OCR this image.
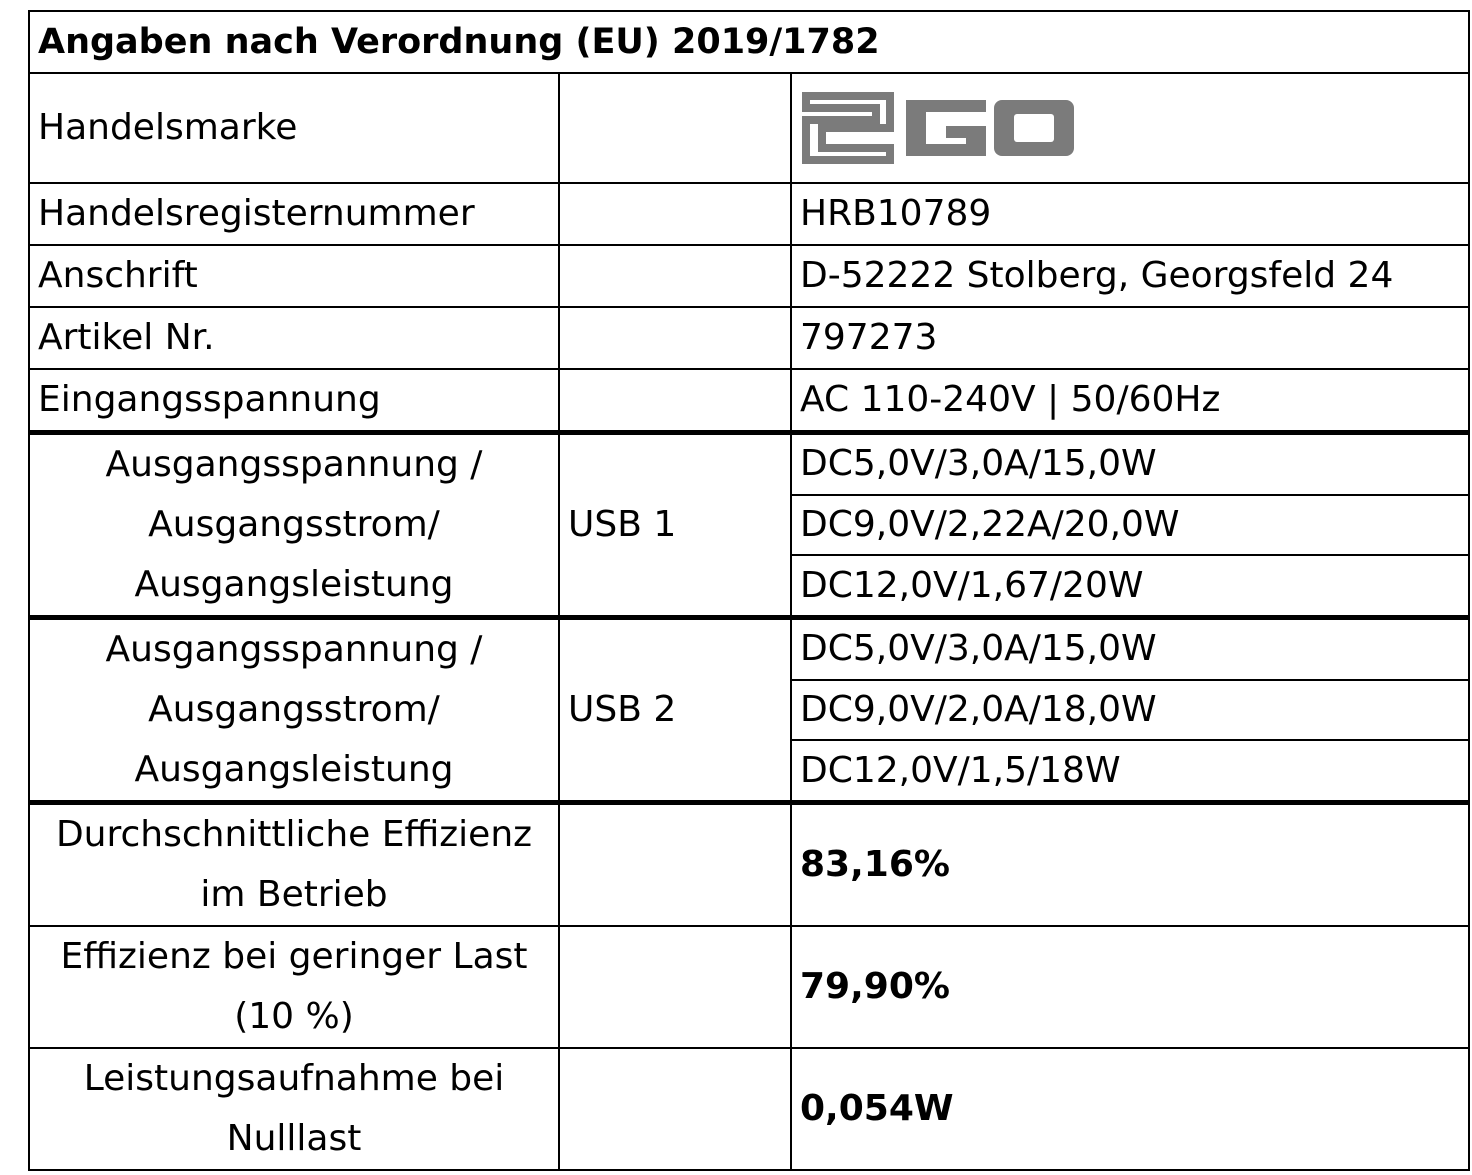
Angaben nach Verordnung (EU) 2019/1782		
Handelsmarke		

Handelsregisternummer		HRB10789
Anschrift		D-52222 Stolberg, Georgsfeld 24
Artikel Nr.		797273
Eingangsspannung		AC 110-240V | 50/60Hz
Ausgangsspannung / Ausgangsstrom/ Ausgangsleistung	USB 1	DC5,0V/3,0A/15,0W
		DC9,0V/2,22A/20,0W
		DC12,0V/1,67/20W
Ausgangsspannung / Ausgangsstrom/ Ausgangsleistung	USB 2	DC5,0V/3,0A/15,0W
		DC9,0V/2,0A/18,0W
		DC12,0V/1,5/18W
Durchschnittliche Effizienz im Betrieb		83,16%
Effizienz bei geringer Last (10 %)		79,90%
Leistungsaufnahme bei Nulllast		0,054W
